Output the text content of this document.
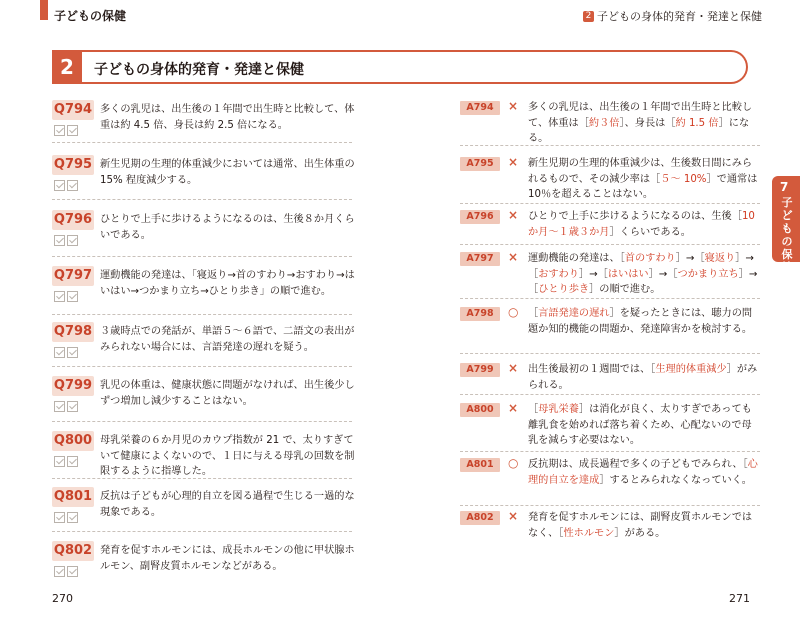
子どもの保健	2 子どもの身体的発育・発達と保健
2	子どもの身体的発育・発達と保健
7
子どもの保健
Q794 多くの乳児は、出生後の１年間で出生時と比較して、体重は約 4.5 倍、身長は約 2.5 倍になる。
Q795 新生児期の生理的体重減少においては通常、出生体重の 15% 程度減少する。
Q796 ひとりで上手に歩けるようになるのは、生後８か月くらいである。
Q797 運動機能の発達は、「寝返り→首のすわり→おすわり→はいはい→つかまり立ち→ひとり歩き」の順で進む。
Q798 ３歳時点での発話が、単語５～６語で、二語文の表出がみられない場合には、言語発達の遅れを疑う。
Q799 乳児の体重は、健康状態に問題がなければ、出生後少しずつ増加し減少することはない。
Q800 母乳栄養の６か月児のカウプ指数が 21 で、太りすぎていて健康によくないので、１日に与える母乳の回数を制限するように指導した。
Q801 反抗は子どもが心理的自立を図る過程で生じる一過的な現象である。
Q802 発育を促すホルモンには、成長ホルモンの他に甲状腺ホルモン、副腎皮質ホルモンなどがある。
A794	× 多くの乳児は、出生後の１年間で出生時と比較して、体重は［約３倍］、身長は［約 1.5 倍］になる。
A795	× 新生児期の生理的体重減少は、生後数日間にみられるもので、その減少率は［５～ 10%］で通常は 10％を超えることはない。
A796	× ひとりで上手に歩けるようになるのは、生後［10 か月～１歳３か月］くらいである。
A797	× 運動機能の発達は、［首のすわり］→［寝返り］→［おすわり］→［はいはい］→［つかまり立ち］→［ひとり歩き］の順で進む。
A798	○ ［言語発達の遅れ］を疑ったときには、聴力の問題か知的機能の問題か、発達障害かを検討する。
A799	× 出生後最初の１週間では、［生理的体重減少］がみられる。
A800	× ［母乳栄養］は消化が良く、太りすぎであっても離乳食を始めれば落ち着くため、心配ないので母乳を減らす必要はない。
A801	○ 反抗期は、成長過程で多くの子どもでみられ、［心理的自立を達成］するとみられなくなっていく。
A802	× 発育を促すホルモンには、副腎皮質ホルモンではなく、［性ホルモン］がある。
270	271
